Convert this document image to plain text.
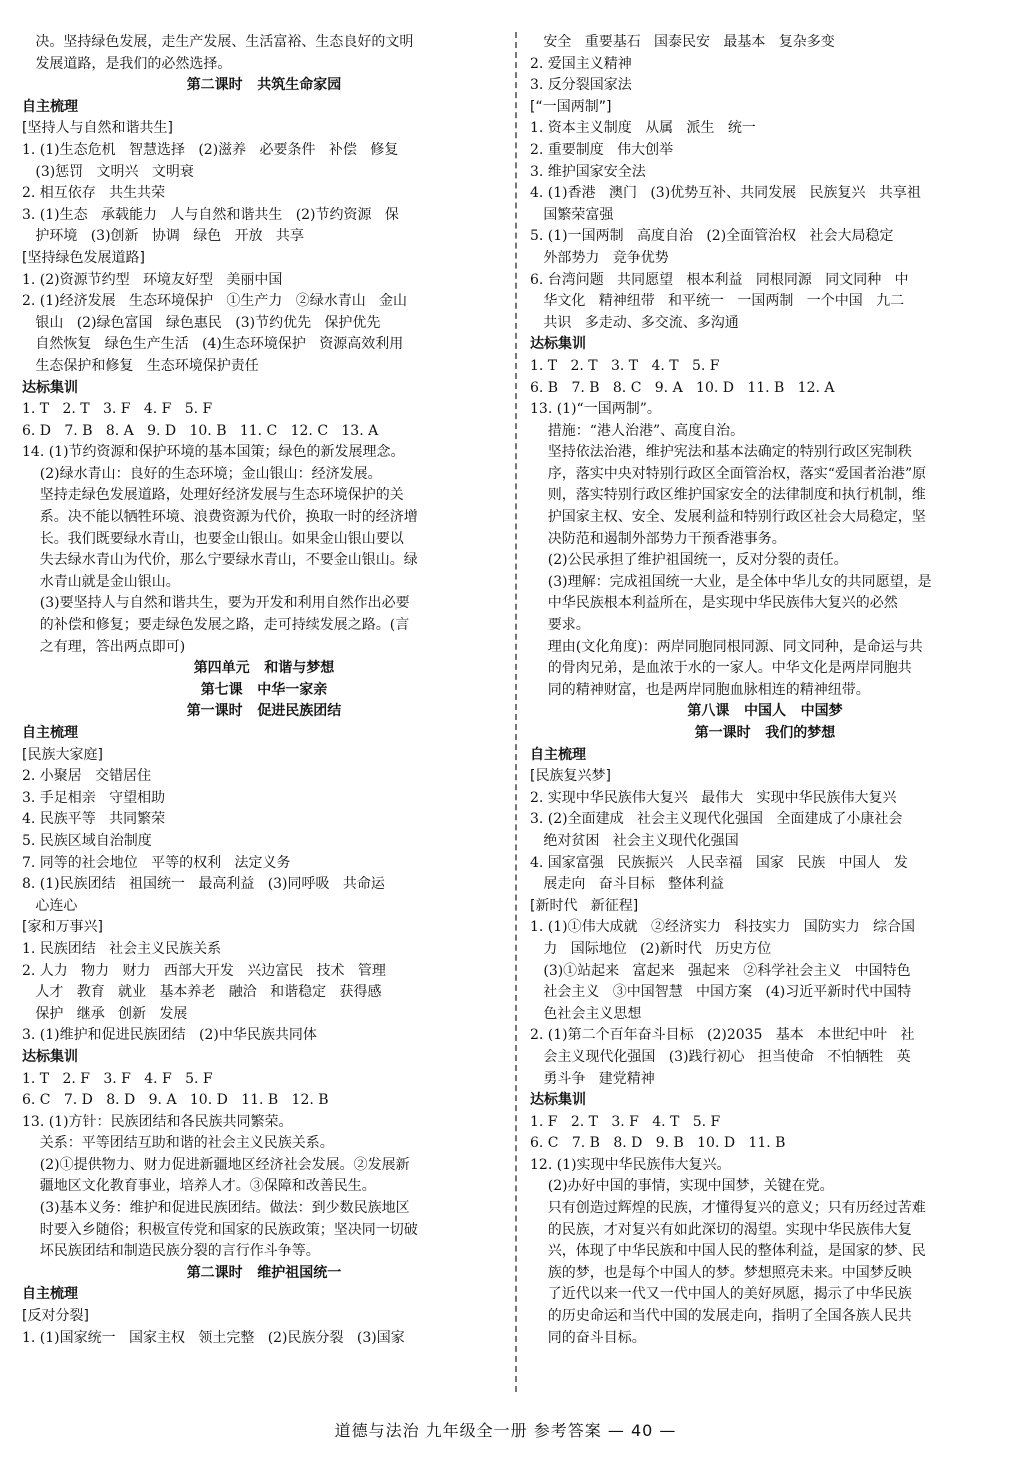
决。坚持绿色发展，走生产发展、生活富裕、生态良好的文明
发展道路，是我们的必然选择。
第二课时   共筑生命家园
自主梳理
[坚持人与自然和谐共生]
1. (1)生态危机   智慧选择   (2)滋养   必要条件   补偿   修复
(3)惩罚   文明兴   文明衰
2. 相互依存   共生共荣
3. (1)生态   承载能力   人与自然和谐共生   (2)节约资源   保
护环境   (3)创新   协调   绿色   开放   共享
[坚持绿色发展道路]
1. (2)资源节约型   环境友好型   美丽中国
2. (1)经济发展   生态环境保护   ①生产力   ②绿水青山   金山
银山   (2)绿色富国   绿色惠民   (3)节约优先   保护优先
自然恢复   绿色生产生活   (4)生态环境保护   资源高效利用
生态保护和修复   生态环境保护责任
达标集训
1. T   2. T   3. F   4. F   5. F
6. D   7. B   8. A   9. D   10. B   11. C   12. C   13. A
14. (1)节约资源和保护环境的基本国策；绿色的新发展理念。
(2)绿水青山：良好的生态环境；金山银山：经济发展。
坚持走绿色发展道路，处理好经济发展与生态环境保护的关
系。决不能以牺牲环境、浪费资源为代价，换取一时的经济增
长。我们既要绿水青山，也要金山银山。如果金山银山要以
失去绿水青山为代价，那么宁要绿水青山，不要金山银山。绿
水青山就是金山银山。
(3)要坚持人与自然和谐共生，要为开发和利用自然作出必要
的补偿和修复；要走绿色发展之路，走可持续发展之路。(言
之有理，答出两点即可)
第四单元   和谐与梦想
第七课   中华一家亲
第一课时   促进民族团结
自主梳理
[民族大家庭]
2. 小聚居   交错居住
3. 手足相亲   守望相助
4. 民族平等   共同繁荣
5. 民族区域自治制度
7. 同等的社会地位   平等的权利   法定义务
8. (1)民族团结   祖国统一   最高利益   (3)同呼吸   共命运
心连心
[家和万事兴]
1. 民族团结   社会主义民族关系
2. 人力   物力   财力   西部大开发   兴边富民   技术   管理
人才   教育   就业   基本养老   融洽   和谐稳定   获得感
保护   继承   创新   发展
3. (1)维护和促进民族团结   (2)中华民族共同体
达标集训
1. T   2. F   3. F   4. F   5. F
6. C   7. D   8. D   9. A   10. D   11. B   12. B
13. (1)方针：民族团结和各民族共同繁荣。
关系：平等团结互助和谐的社会主义民族关系。
(2)①提供物力、财力促进新疆地区经济社会发展。②发展新
疆地区文化教育事业，培养人才。③保障和改善民生。
(3)基本义务：维护和促进民族团结。做法：到少数民族地区
时要入乡随俗；积极宣传党和国家的民族政策；坚决同一切破
坏民族团结和制造民族分裂的言行作斗争等。
第二课时   维护祖国统一
自主梳理
[反对分裂]
1. (1)国家统一   国家主权   领土完整   (2)民族分裂   (3)国家
安全   重要基石   国泰民安   最基本   复杂多变
2. 爱国主义精神
3. 反分裂国家法
[“一国两制”]
1. 资本主义制度   从属   派生   统一
2. 重要制度   伟大创举
3. 维护国家安全法
4. (1)香港   澳门   (3)优势互补、共同发展   民族复兴   共享祖
国繁荣富强
5. (1)一国两制   高度自治   (2)全面管治权   社会大局稳定
外部势力   竞争优势
6. 台湾问题   共同愿望   根本利益   同根同源   同文同种   中
华文化   精神纽带   和平统一   一国两制   一个中国   九二
共识   多走动、多交流、多沟通
达标集训
1. T   2. T   3. T   4. T   5. F
6. B   7. B   8. C   9. A   10. D   11. B   12. A
13. (1)“一国两制”。
措施：“港人治港”、高度自治。
坚持依法治港，维护宪法和基本法确定的特别行政区宪制秩
序，落实中央对特别行政区全面管治权，落实“爱国者治港”原
则，落实特别行政区维护国家安全的法律制度和执行机制，维
护国家主权、安全、发展利益和特别行政区社会大局稳定，坚
决防范和遏制外部势力干预香港事务。
(2)公民承担了维护祖国统一，反对分裂的责任。
(3)理解：完成祖国统一大业，是全体中华儿女的共同愿望，是
中华民族根本利益所在，是实现中华民族伟大复兴的必然
要求。
理由(文化角度)：两岸同胞同根同源、同文同种，是命运与共
的骨肉兄弟，是血浓于水的一家人。中华文化是两岸同胞共
同的精神财富，也是两岸同胞血脉相连的精神纽带。
第八课   中国人   中国梦
第一课时   我们的梦想
自主梳理
[民族复兴梦]
2. 实现中华民族伟大复兴   最伟大   实现中华民族伟大复兴
3. (2)全面建成   社会主义现代化强国   全面建成了小康社会
绝对贫困   社会主义现代化强国
4. 国家富强   民族振兴   人民幸福   国家   民族   中国人   发
展走向   奋斗目标   整体利益
[新时代   新征程]
1. (1)①伟大成就   ②经济实力   科技实力   国防实力   综合国
力   国际地位   (2)新时代   历史方位
(3)①站起来   富起来   强起来   ②科学社会主义   中国特色
社会主义   ③中国智慧   中国方案   (4)习近平新时代中国特
色社会主义思想
2. (1)第二个百年奋斗目标   (2)2035   基本   本世纪中叶   社
会主义现代化强国   (3)践行初心   担当使命   不怕牺牲   英
勇斗争   建党精神
达标集训
1. F   2. T   3. F   4. T   5. F
6. C   7. B   8. D   9. B   10. D   11. B
12. (1)实现中华民族伟大复兴。
(2)办好中国的事情，实现中国梦，关键在党。
只有创造过辉煌的民族，才懂得复兴的意义；只有历经过苦难
的民族，才对复兴有如此深切的渴望。实现中华民族伟大复
兴，体现了中华民族和中国人民的整体利益，是国家的梦、民
族的梦，也是每个中国人的梦。梦想照亮未来。中国梦反映
了近代以来一代又一代中国人的美好夙愿，揭示了中华民族
的历史命运和当代中国的发展走向，指明了全国各族人民共
同的奋斗目标。
道德与法治 九年级全一册 参考答案 — 40 —
